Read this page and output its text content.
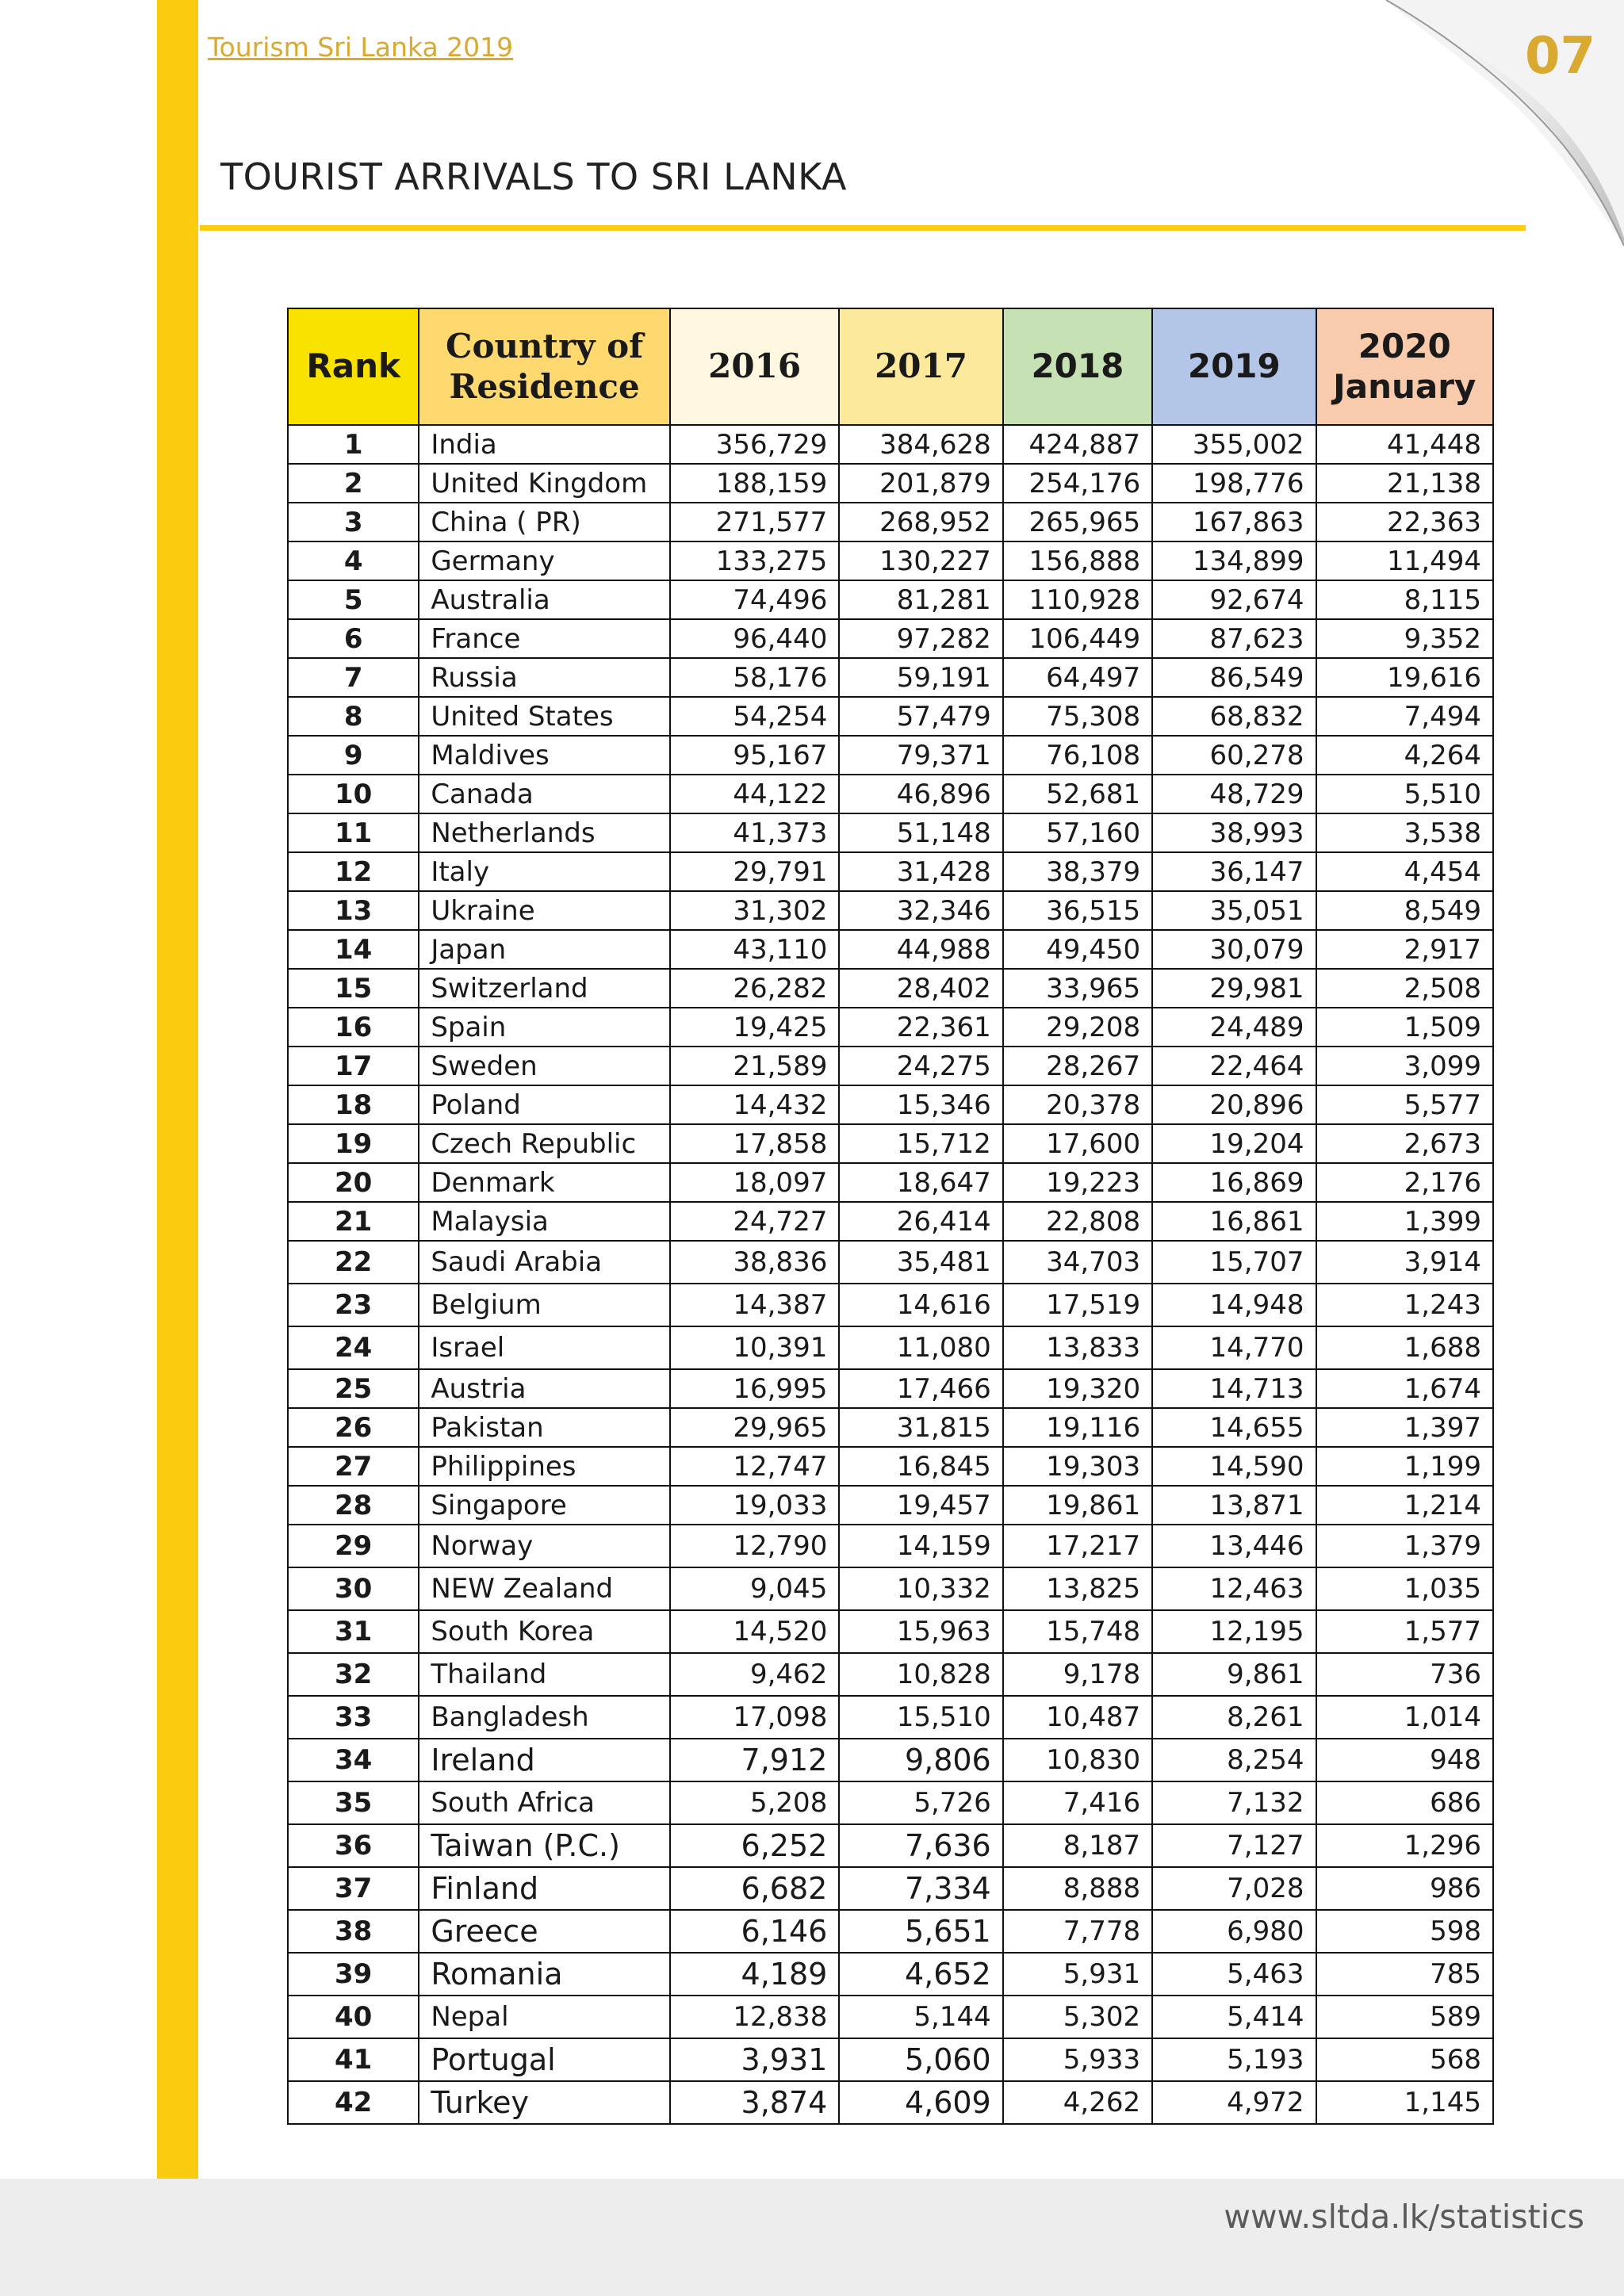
Tourism Sri Lanka 2019	07
TOURIST ARRIVALS TO SRI LANKA
Rank	Country of Residence	2016	2017	2018	2019	2020 January
1	India	356,729	384,628	424,887	355,002	41,448
2	United Kingdom	188,159	201,879	254,176	198,776	21,138
3	China ( PR)	271,577	268,952	265,965	167,863	22,363
4	Germany	133,275	130,227	156,888	134,899	11,494
5	Australia	74,496	81,281	110,928	92,674	8,115
6	France	96,440	97,282	106,449	87,623	9,352
7	Russia	58,176	59,191	64,497	86,549	19,616
8	United States	54,254	57,479	75,308	68,832	7,494
9	Maldives	95,167	79,371	76,108	60,278	4,264
10	Canada	44,122	46,896	52,681	48,729	5,510
11	Netherlands	41,373	51,148	57,160	38,993	3,538
12	Italy	29,791	31,428	38,379	36,147	4,454
13	Ukraine	31,302	32,346	36,515	35,051	8,549
14	Japan	43,110	44,988	49,450	30,079	2,917
15	Switzerland	26,282	28,402	33,965	29,981	2,508
16	Spain	19,425	22,361	29,208	24,489	1,509
17	Sweden	21,589	24,275	28,267	22,464	3,099
18	Poland	14,432	15,346	20,378	20,896	5,577
19	Czech Republic	17,858	15,712	17,600	19,204	2,673
20	Denmark	18,097	18,647	19,223	16,869	2,176
21	Malaysia	24,727	26,414	22,808	16,861	1,399
22	Saudi Arabia	38,836	35,481	34,703	15,707	3,914
23	Belgium	14,387	14,616	17,519	14,948	1,243
24	Israel	10,391	11,080	13,833	14,770	1,688
25	Austria	16,995	17,466	19,320	14,713	1,674
26	Pakistan	29,965	31,815	19,116	14,655	1,397
27	Philippines	12,747	16,845	19,303	14,590	1,199
28	Singapore	19,033	19,457	19,861	13,871	1,214
29	Norway	12,790	14,159	17,217	13,446	1,379
30	NEW Zealand	9,045	10,332	13,825	12,463	1,035
31	South Korea	14,520	15,963	15,748	12,195	1,577
32	Thailand	9,462	10,828	9,178	9,861	736
33	Bangladesh	17,098	15,510	10,487	8,261	1,014
34	Ireland	7,912	9,806	10,830	8,254	948
35	South Africa	5,208	5,726	7,416	7,132	686
36	Taiwan (P.C.)	6,252	7,636	8,187	7,127	1,296
37	Finland	6,682	7,334	8,888	7,028	986
38	Greece	6,146	5,651	7,778	6,980	598
39	Romania	4,189	4,652	5,931	5,463	785
40	Nepal	12,838	5,144	5,302	5,414	589
41	Portugal	3,931	5,060	5,933	5,193	568
42	Turkey	3,874	4,609	4,262	4,972	1,145
www.sltda.lk/statistics
